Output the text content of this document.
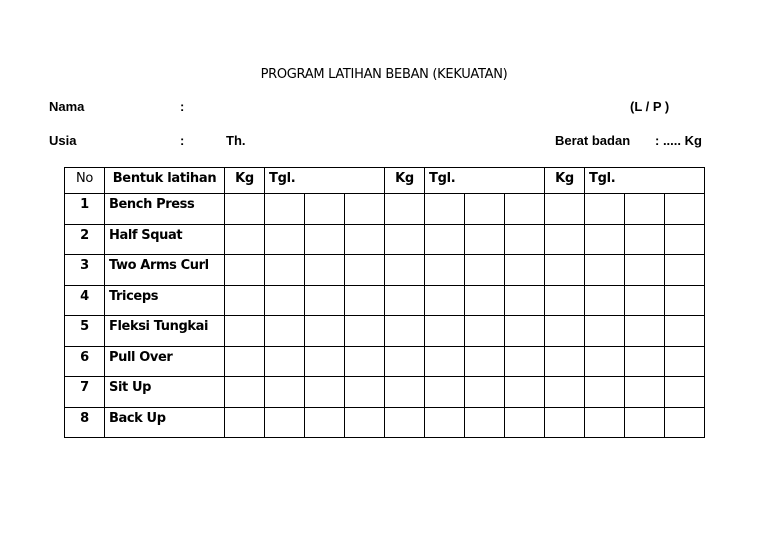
PROGRAM LATIHAN BEBAN (KEKUATAN)
Nama	:	(L / P )
Usia	:	Th.	Berat badan : ..... Kg
No	Bentuk latihan	Kg	Tgl.			Kg	Tgl.			Kg	Tgl.		
1	Bench Press												
2	Half Squat												
3	Two Arms Curl												
4	Triceps												
5	Fleksi Tungkai												
6	Pull Over												
7	Sit Up												
8	Back Up												
